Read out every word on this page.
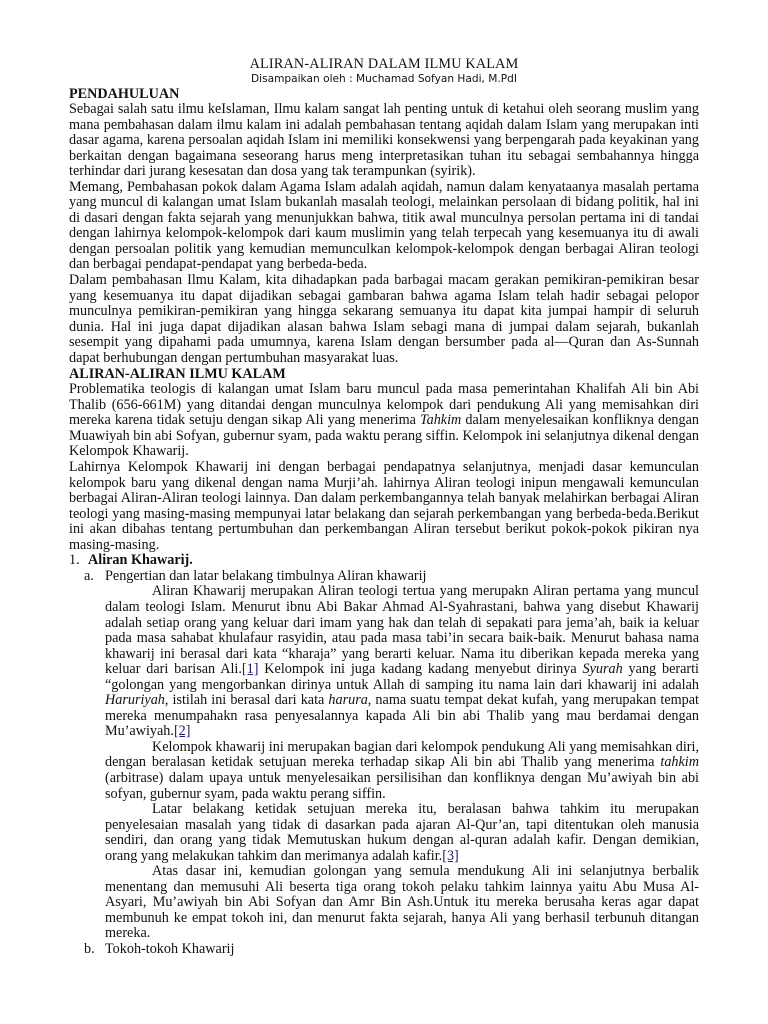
ALIRAN-ALIRAN DALAM ILMU KALAM
Disampaikan oleh : Muchamad Sofyan Hadi, M.PdI
PENDAHULUAN

Sebagai salah satu ilmu keIslaman, Ilmu kalam sangat lah penting untuk di ketahui oleh seorang muslim yang mana pembahasan dalam ilmu kalam ini adalah pembahasan tentang aqidah dalam Islam yang merupakan inti dasar agama, karena persoalan aqidah Islam ini memiliki konsekwensi yang berpengarah pada keyakinan yang berkaitan dengan bagaimana seseorang harus meng interpretasikan tuhan itu sebagai sembahannya hingga terhindar dari jurang kesesatan dan dosa yang tak terampunkan (syirik).

Memang, Pembahasan pokok dalam Agama Islam adalah aqidah, namun dalam kenyataanya masalah pertama yang muncul di kalangan umat Islam bukanlah masalah teologi, melainkan persolaan di bidang politik, hal ini di dasari dengan fakta sejarah yang menunjukkan bahwa, titik awal munculnya persolan pertama ini di tandai dengan lahirnya kelompok-kelompok dari kaum muslimin yang telah terpecah yang kesemuanya itu di awali dengan persoalan politik yang kemudian memunculkan kelompok-kelompok dengan berbagai Aliran teologi dan berbagai pendapat-pendapat yang berbeda-beda.

Dalam pembahasan Ilmu Kalam, kita dihadapkan pada barbagai macam gerakan pemikiran-pemikiran besar yang kesemuanya itu dapat dijadikan sebagai gambaran bahwa agama Islam telah hadir sebagai pelopor munculnya pemikiran-pemikiran yang hingga sekarang semuanya itu dapat kita jumpai hampir di seluruh dunia. Hal ini juga dapat dijadikan alasan bahwa Islam sebagi mana di jumpai dalam sejarah, bukanlah sesempit yang dipahami pada umumnya, karena Islam dengan bersumber pada al—Quran dan As-Sunnah dapat berhubungan dengan pertumbuhan masyarakat luas.

ALIRAN-ALIRAN ILMU KALAM

Problematika teologis di kalangan umat Islam baru muncul pada masa pemerintahan Khalifah Ali bin Abi Thalib (656-661M) yang ditandai dengan munculnya kelompok dari pendukung Ali yang memisahkan diri mereka karena tidak setuju dengan sikap Ali yang menerima Tahkim dalam menyelesaikan konfliknya dengan Muawiyah bin abi Sofyan, gubernur syam, pada waktu perang siffin. Kelompok ini selanjutnya dikenal dengan Kelompok Khawarij.

Lahirnya Kelompok Khawarij ini dengan berbagai pendapatnya selanjutnya, menjadi dasar kemunculan kelompok baru yang dikenal dengan nama Murji’ah. lahirnya Aliran teologi inipun mengawali kemunculan berbagai Aliran-Aliran teologi lainnya. Dan dalam perkembangannya telah banyak melahirkan berbagai Aliran teologi yang masing-masing mempunyai latar belakang dan sejarah perkembangan yang berbeda-beda.Berikut ini akan dibahas tentang pertumbuhan dan perkembangan Aliran tersebut berikut pokok-pokok pikiran nya masing-masing.

1. Aliran Khawarij.
a. Pengertian dan latar belakang timbulnya Aliran khawarij

Aliran Khawarij merupakan Aliran teologi tertua yang merupakn Aliran pertama yang muncul dalam teologi Islam. Menurut ibnu Abi Bakar Ahmad Al-Syahrastani, bahwa yang disebut Khawarij adalah setiap orang yang keluar dari imam yang hak dan telah di sepakati para jema’ah, baik ia keluar pada masa sahabat khulafaur rasyidin, atau pada masa tabi’in secara baik-baik. Menurut bahasa nama khawarij ini berasal dari kata “kharaja” yang berarti keluar. Nama itu diberikan kepada mereka yang keluar dari barisan Ali.[1] Kelompok ini juga kadang kadang menyebut dirinya Syurah yang berarti “golongan yang mengorbankan dirinya untuk Allah di samping itu nama lain dari khawarij ini adalah Haruriyah, istilah ini berasal dari kata harura, nama suatu tempat dekat kufah, yang merupakan tempat mereka menumpahakn rasa penyesalannya kapada Ali bin abi Thalib yang mau berdamai dengan Mu’awiyah.[2]

Kelompok khawarij ini merupakan bagian dari kelompok pendukung Ali yang memisahkan diri, dengan beralasan ketidak setujuan mereka terhadap sikap Ali bin abi Thalib yang menerima tahkim (arbitrase) dalam upaya untuk menyelesaikan persilisihan dan konfliknya dengan Mu’awiyah bin abi sofyan, gubernur syam, pada waktu perang siffin.

Latar belakang ketidak setujuan mereka itu, beralasan bahwa tahkim itu merupakan penyelesaian masalah yang tidak di dasarkan pada ajaran Al-Qur’an, tapi ditentukan oleh manusia sendiri, dan orang yang tidak Memutuskan hukum dengan al-quran adalah kafir. Dengan demikian, orang yang melakukan tahkim dan merimanya adalah kafir.[3]

Atas dasar ini, kemudian golongan yang semula mendukung Ali ini selanjutnya berbalik menentang dan memusuhi Ali beserta tiga orang tokoh pelaku tahkim lainnya yaitu Abu Musa Al-Asyari, Mu’awiyah bin Abi Sofyan dan Amr Bin Ash.Untuk itu mereka berusaha keras agar dapat membunuh ke empat tokoh ini, dan menurut fakta sejarah, hanya Ali yang berhasil terbunuh ditangan mereka.

b. Tokoh-tokoh Khawarij
